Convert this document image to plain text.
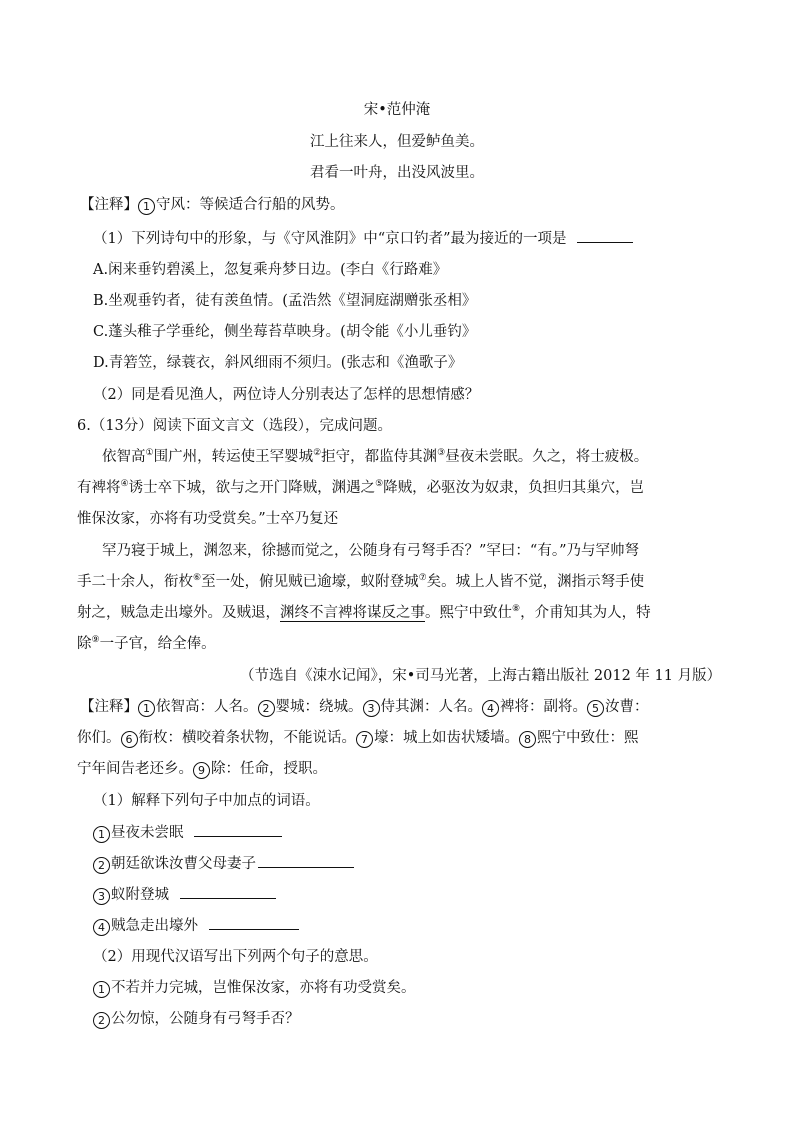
宋•范仲淹
江上往来人，但爱鲈鱼美。
君看一叶舟，出没风波里。
【注释】 1 守风：等候适合行船的风势。
（1）下列诗句中的形象，与《守风淮阴》中“京口钓者”最为接近的一项是
A.闲来垂钓碧溪上，忽复乘舟梦日边。(李白《行路难》
B.坐观垂钓者，徒有羡鱼情。(孟浩然《望洞庭湖赠张丞相》
C.蓬头稚子学垂纶，侧坐莓苔草映身。(胡令能《小儿垂钓》
D.青箬笠，绿蓑衣，斜风细雨不须归。(张志和《渔歌子》
（2）同是看见渔人，两位诗人分别表达了怎样的思想情感？
6.（13分）阅读下面文言文（选段），完成问题。
依智高①围广州，转运使王罕婴城②拒守，都监侍其渊③昼夜未尝眠。久之，将士疲极。
有裨将④诱士卒下城，欲与之开门降贼，渊遇之⑤降贼，必驱汝为奴隶，负担归其巢穴，岂
惟保汝家，亦将有功受赏矣。”士卒乃复还
罕乃寝于城上，渊忽来，徐撼而觉之，公随身有弓弩手否？”罕曰：“有。”乃与罕帅弩
手二十余人，衔枚⑥至一处，俯见贼已逾壕，蚁附登城⑦矣。城上人皆不觉，渊指示弩手使
射之，贼急走出壕外。及贼退，渊终不言裨将谋反之事。熙宁中致仕⑧，介甫知其为人，特
除⑨一子官，给全俸。
（节选自《涑水记闻》，宋•司马光著，上海古籍出版社 2012 年 11 月版）
【注释】 1 依智高：人名。 2 婴城：绕城。 3 侍其渊：人名。 4 裨将：副将。 5 汝曹：
你们。 6 衔枚：横咬着条状物，不能说话。 7 壕：城上如齿状矮墙。 8 熙宁中致仕：熙
宁年间告老还乡。 9 除：任命，授职。
（1）解释下列句子中加点的词语。
1 昼夜未尝眠
2 朝廷欲诛汝曹父母妻子
3 蚁附登城
4 贼急走出壕外
（2）用现代汉语写出下列两个句子的意思。
1 不若并力完城，岂惟保汝家，亦将有功受赏矣。
2 公勿惊，公随身有弓弩手否？
